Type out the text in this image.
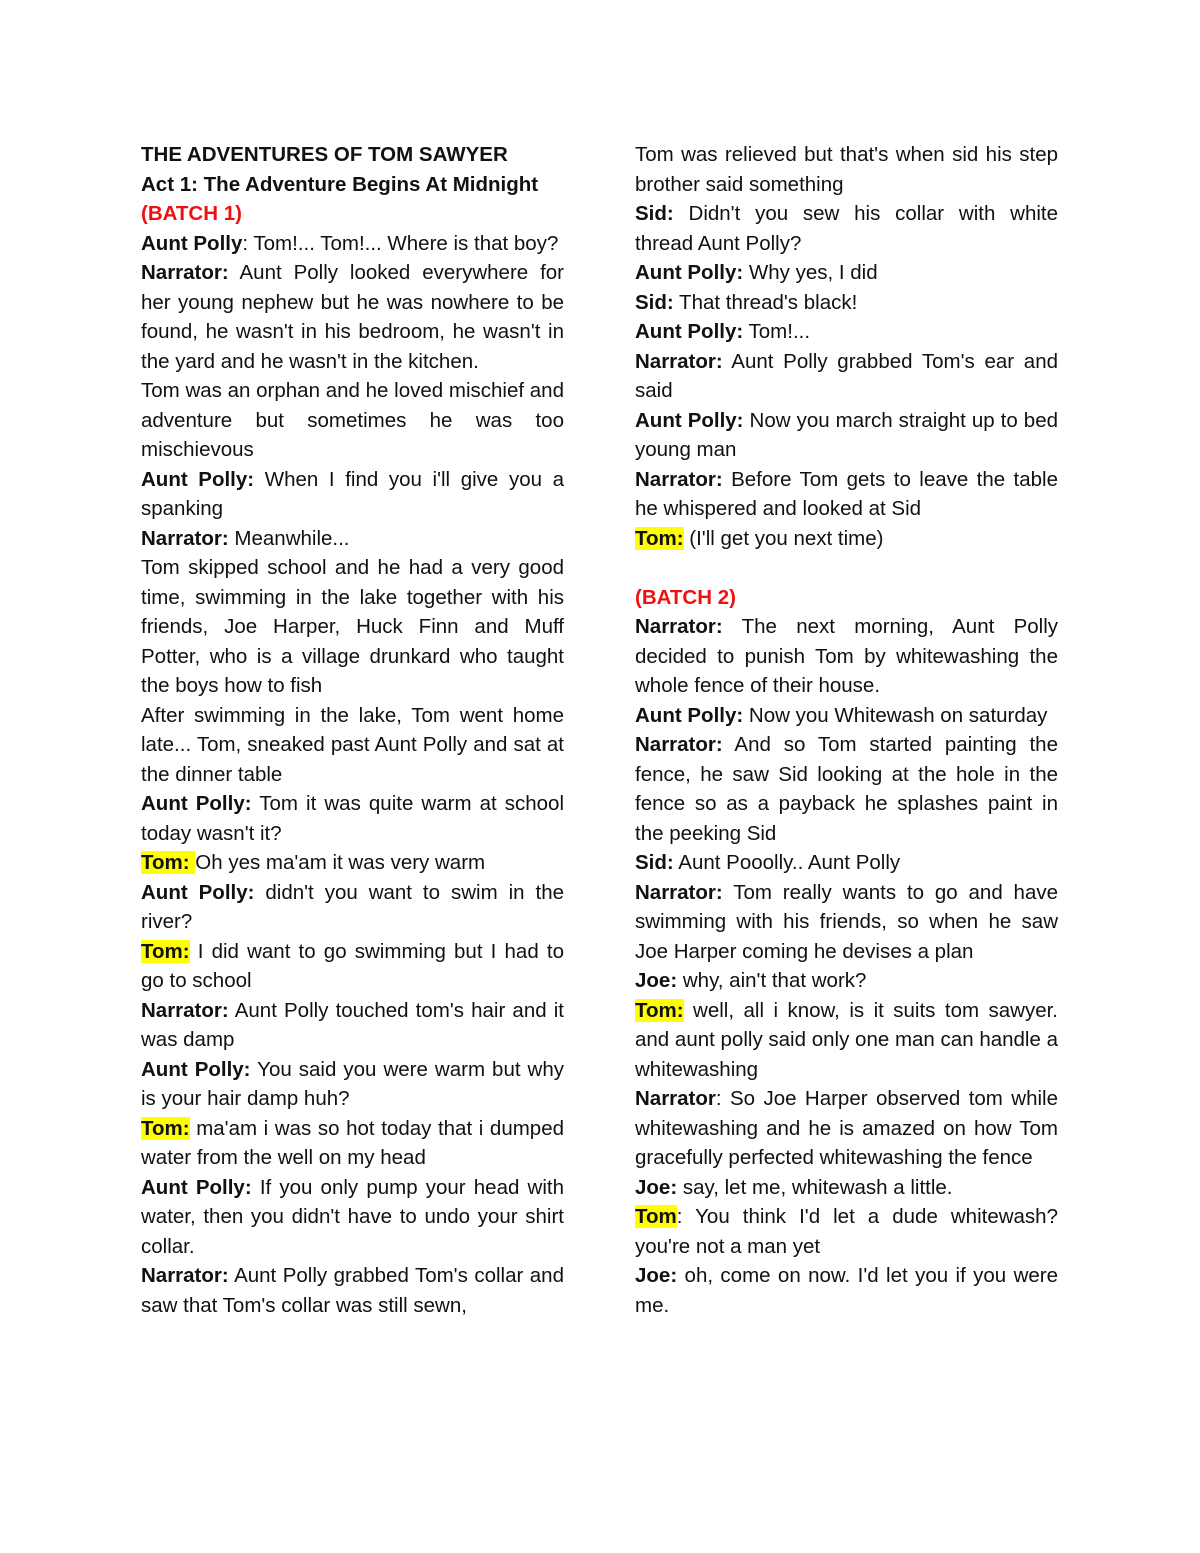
THE ADVENTURES OF TOM SAWYER
Act 1: The Adventure Begins At Midnight
(BATCH 1)
Aunt Polly: Tom!... Tom!... Where is that boy?
Narrator: Aunt Polly looked everywhere for her young nephew but he was nowhere to be found, he wasn't in his bedroom, he wasn't in the yard and he wasn't in the kitchen.
Tom was an orphan and he loved mischief and adventure but sometimes he was too mischievous
Aunt Polly: When I find you i'll give you a spanking
Narrator: Meanwhile...
Tom skipped school and he had a very good time, swimming in the lake together with his friends, Joe Harper, Huck Finn and Muff Potter, who is a village drunkard who taught the boys how to fish
After swimming in the lake, Tom went home late... Tom, sneaked past Aunt Polly and sat at the dinner table
Aunt Polly: Tom it was quite warm at school today wasn't it?
Tom: Oh yes ma'am it was very warm
Aunt Polly: didn't you want to swim in the river?
Tom: I did want to go swimming but I had to go to school
Narrator: Aunt Polly touched tom's hair and it was damp
Aunt Polly: You said you were warm but why is your hair damp huh?
Tom: ma'am i was so hot today that i dumped water from the well on my head
Aunt Polly: If you only pump your head with water, then you didn't have to undo your shirt collar.
Narrator: Aunt Polly grabbed Tom's collar and saw that Tom's collar was still sewn,
Tom was relieved but that's when sid his step brother said something
Sid: Didn't you sew his collar with white thread Aunt Polly?
Aunt Polly: Why yes, I did
Sid: That thread's black!
Aunt Polly: Tom!...
Narrator: Aunt Polly grabbed Tom's ear and said
Aunt Polly: Now you march straight up to bed young man
Narrator: Before Tom gets to leave the table he whispered and looked at Sid
Tom: (I'll get you next time)
(BATCH 2)
Narrator: The next morning, Aunt Polly decided to punish Tom by whitewashing the whole fence of their house.
Aunt Polly: Now you Whitewash on saturday
Narrator: And so Tom started painting the fence, he saw Sid looking at the hole in the fence so as a payback he splashes paint in the peeking Sid
Sid: Aunt Pooolly.. Aunt Polly
Narrator: Tom really wants to go and have swimming with his friends, so when he saw Joe Harper coming he devises a plan
Joe: why, ain't that work?
Tom: well, all i know, is it suits tom sawyer. and aunt polly said only one man can handle a whitewashing
Narrator: So Joe Harper observed tom while whitewashing and he is amazed on how Tom gracefully perfected whitewashing the fence
Joe: say, let me, whitewash a little.
Tom: You think I'd let a dude whitewash? you're not a man yet
Joe: oh, come on now. I'd let you if you were me.
